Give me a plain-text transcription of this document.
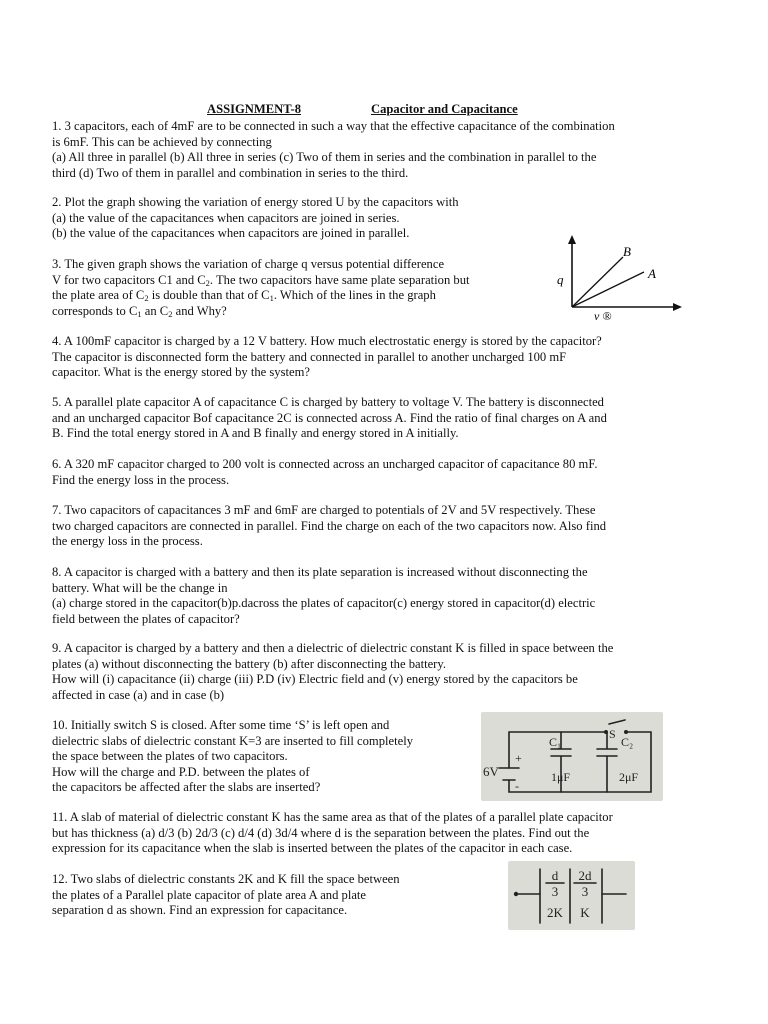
ASSIGNMENT-8	Capacitor and Capacitance
1. 3 capacitors, each of 4mF are to be connected in such a way that the effective capacitance of the combination
is 6mF. This can be achieved by connecting
(a) All three in parallel (b) All three in series (c) Two of them in series and the combination in parallel to the
third (d) Two of them in parallel and combination in series to the third.
2. Plot the graph showing the variation of energy stored U by the capacitors with
(a) the value of the capacitances when capacitors are joined in series.
(b) the value of the capacitances when capacitors are joined in parallel.
3. The given graph shows the variation of charge q versus potential difference
V for two capacitors C1 and $C_2$. The two capacitors have same plate separation but
the plate area of $C_2$ is double than that of $C_1$. Which of the lines in the graph
corresponds to $C_1$ an $C_2$ and Why?
q
B
A
v ®
4. A 100mF capacitor is charged by a 12 V battery. How much electrostatic energy is stored by the capacitor?
The capacitor is disconnected form the battery and connected in parallel to another uncharged 100 mF
capacitor. What is the energy stored by the system?
5. A parallel plate capacitor A of capacitance C is charged by battery to voltage V. The battery is disconnected
and an uncharged capacitor Bof capacitance 2C is connected across A. Find the ratio of final charges on A and
B. Find the total energy stored in A and B finally and energy stored in A initially.
6. A 320 mF capacitor charged to 200 volt is connected across an uncharged capacitor of capacitance 80 mF.
Find the energy loss in the process.
7. Two capacitors of capacitances 3 mF and 6mF are charged to potentials of 2V and 5V respectively. These
two charged capacitors are connected in parallel. Find the charge on each of the two capacitors now. Also find
the energy loss in the process.
8. A capacitor is charged with a battery and then its plate separation is increased without disconnecting the
battery. What will be the change in
(a) charge stored in the capacitor(b)p.dacross the plates of capacitor(c) energy stored in capacitor(d) electric
field between the plates of capacitor?
9. A capacitor is charged by a battery and then a dielectric of dielectric constant K is filled in space between the
plates (a) without disconnecting the battery (b) after disconnecting the battery.
How will (i) capacitance (ii) charge (iii) P.D (iv) Electric field and (v) energy stored by the capacitors be
affected in case (a) and in case (b)
10. Initially switch S is closed. After some time ‘S’ is left open and
dielectric slabs of dielectric constant K=3 are inserted to fill completely
the space between the plates of two capacitors.
How will the charge and P.D. between the plates of
the capacitors be affected after the slabs are inserted?
S
C₁	C₂
+
-
6V	1μF	2μF
11. A slab of material of dielectric constant K has the same area as that of the plates of a parallel plate capacitor
but has thickness (a) d/3 (b) 2d/3 (c) d/4 (d) 3d/4 where d is the separation between the plates. Find out the
expression for its capacitance when the slab is inserted between the plates of the capacitor in each case.
12. Two slabs of dielectric constants 2K and K fill the space between
the plates of a Parallel plate capacitor of plate area A and plate
separation d as shown. Find an expression for capacitance.
d
3
2d
3
2K K
